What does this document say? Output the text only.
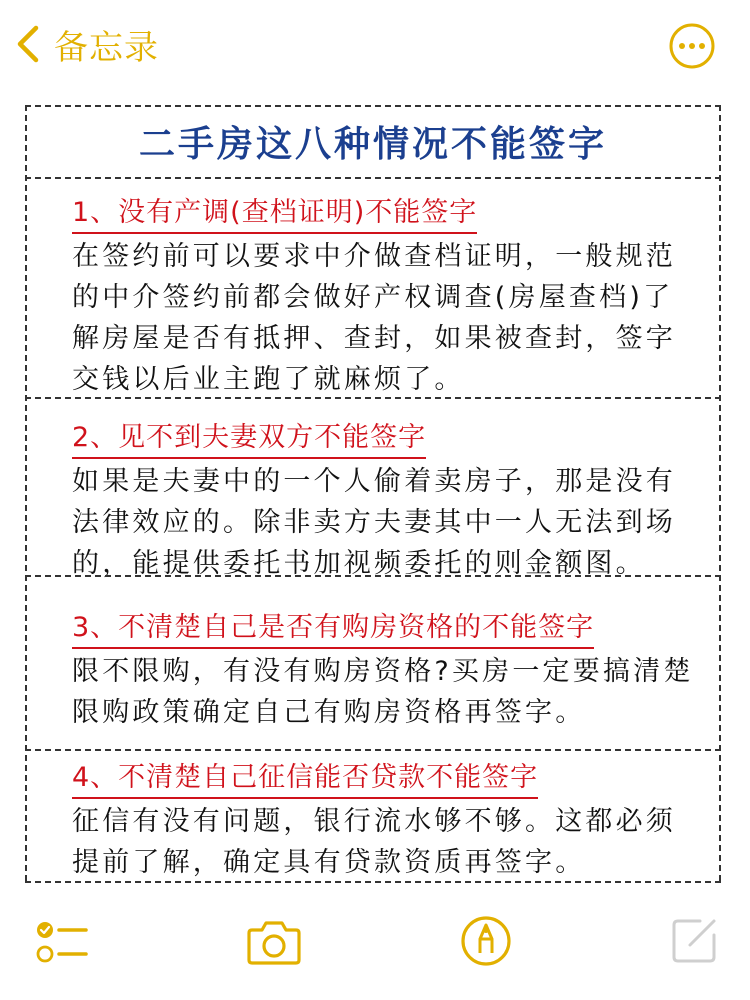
备忘录
二手房这八种情况不能签字
1、没有产调(查档证明)不能签字
在签约前可以要求中介做查档证明，一般规范
的中介签约前都会做好产权调查(房屋查档)了
解房屋是否有抵押、查封，如果被查封，签字
交钱以后业主跑了就麻烦了。
2、见不到夫妻双方不能签字
如果是夫妻中的一个人偷着卖房子，那是没有
法律效应的。除非卖方夫妻其中一人无法到场
的，能提供委托书加视频委托的则金额图。
3、不清楚自己是否有购房资格的不能签字
限不限购，有没有购房资格?买房一定要搞清楚
限购政策确定自己有购房资格再签字。
4、不清楚自己征信能否贷款不能签字
征信有没有问题，银行流水够不够。这都必须
提前了解，确定具有贷款资质再签字。
